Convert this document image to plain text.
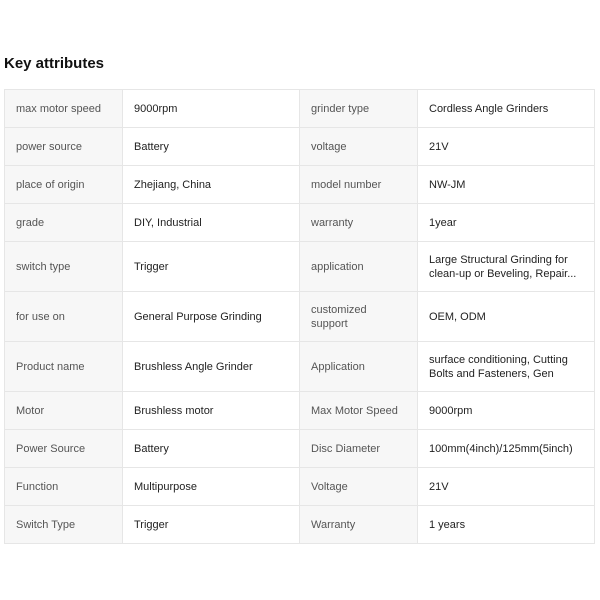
Key attributes
max motor speed	9000rpm	grinder type	Cordless Angle Grinders
power source	Battery	voltage	21V
place of origin	Zhejiang, China	model number	NW-JM
grade	DIY, Industrial	warranty	1year
switch type	Trigger	application	Large Structural Grinding for clean-up or Beveling, Repair...

for use on	General Purpose Grinding	customized support	OEM, ODM
Product name	Brushless Angle Grinder	Application	surface conditioning, Cutting Bolts and Fasteners, Gen

Motor	Brushless motor	Max Motor Speed	9000rpm
Power Source	Battery	Disc Diameter	100mm(4inch)/125mm(5inch)

Function	Multipurpose	Voltage	21V
Switch Type	Trigger	Warranty	1 years
